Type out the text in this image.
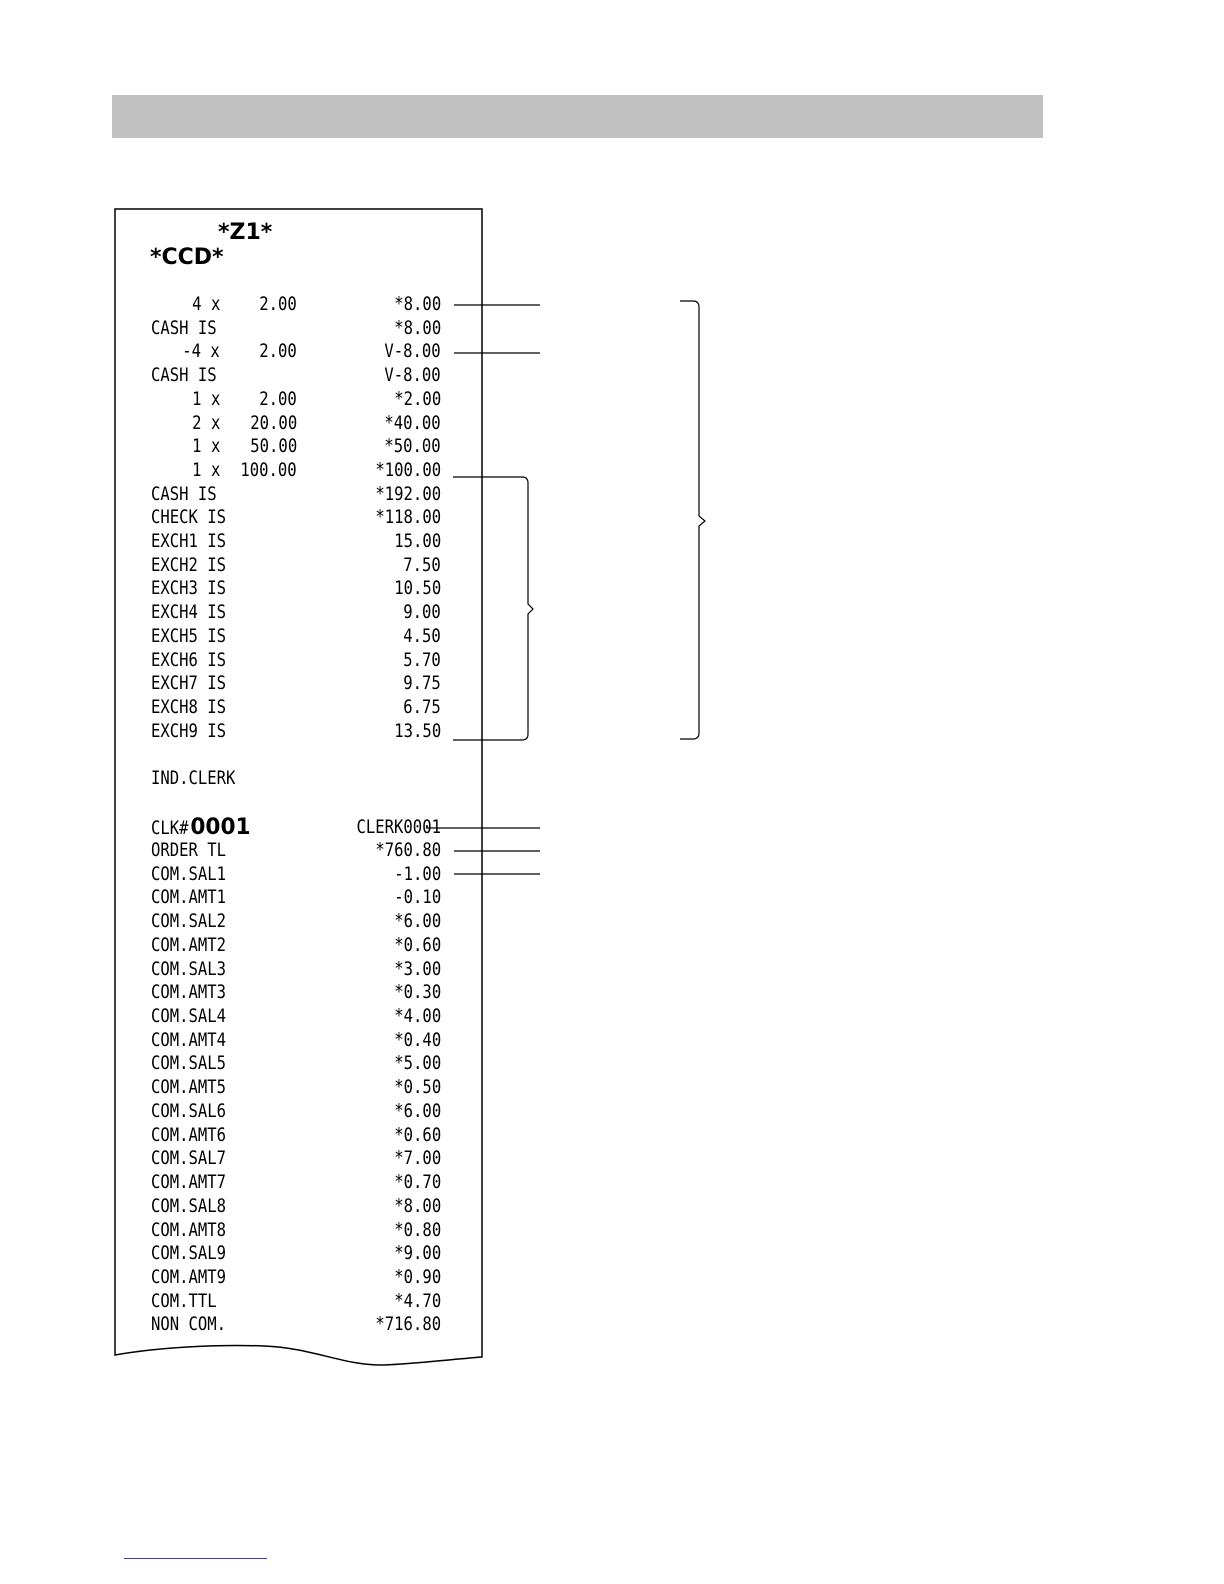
*Z1*
*CCD*
4 x 2.00	*8.00
CASH IS	*8.00
-4 x 2.00	V-8.00
CASH IS	V-8.00
1 x 2.00	*2.00
2 x 20.00	*40.00
1 x 50.00	*50.00
1 x 100.00	*100.00
CASH IS	*192.00
CHECK IS	*118.00
EXCH1 IS	15.00
EXCH2 IS	7.50
EXCH3 IS	10.50
EXCH4 IS	9.00
EXCH5 IS	4.50
EXCH6 IS	5.70
EXCH7 IS	9.75
EXCH8 IS	6.75
EXCH9 IS	13.50
IND.CLERK
CLK#0001	CLERK0001
ORDER TL	*760.80
COM.SAL1	-1.00
COM.AMT1	-0.10
COM.SAL2	*6.00
COM.AMT2	*0.60
COM.SAL3	*3.00
COM.AMT3	*0.30
COM.SAL4	*4.00
COM.AMT4	*0.40
COM.SAL5	*5.00
COM.AMT5	*0.50
COM.SAL6	*6.00
COM.AMT6	*0.60
COM.SAL7	*7.00
COM.AMT7	*0.70
COM.SAL8	*8.00
COM.AMT8	*0.80
COM.SAL9	*9.00
COM.AMT9	*0.90
COM.TTL	*4.70
NON COM.	*716.80
